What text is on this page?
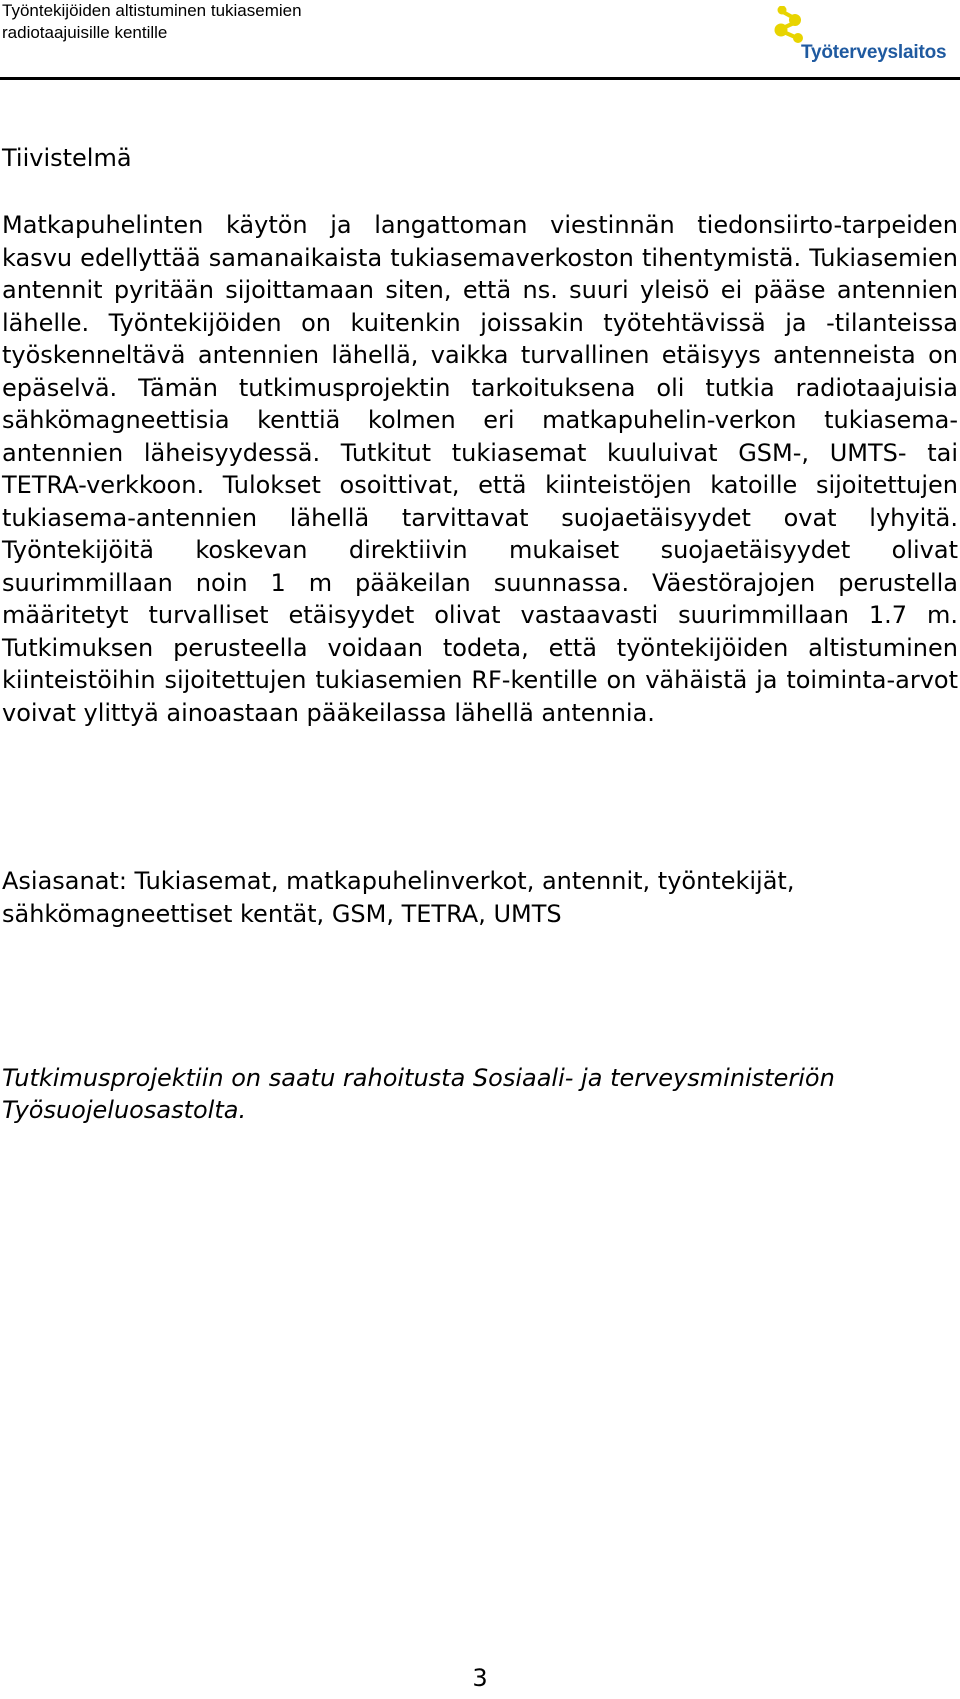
Työntekijöiden altistuminen tukiasemien
radiotaajuisille kentille
Työterveyslaitos
Tiivistelmä

Matkapuhelinten käytön ja langattoman viestinnän tiedonsiirto-tarpeiden kasvu edellyttää samanaikaista tukiasemaverkoston tihentymistä. Tukiasemien antennit pyritään sijoittamaan siten, että ns. suuri yleisö ei pääse antennien lähelle. Työntekijöiden on kuitenkin joissakin työtehtävissä ja -tilanteissa työskenneltävä antennien lähellä, vaikka turvallinen etäisyys antenneista on epäselvä. Tämän tutkimusprojektin tarkoituksena oli tutkia radiotaajuisia sähkömagneettisia kenttiä kolmen eri matkapuhelin-verkon tukiasema-antennien läheisyydessä. Tutkitut tukiasemat kuuluivat GSM-, UMTS- tai TETRA-verkkoon. Tulokset osoittivat, että kiinteistöjen katoille sijoitettujen tukiasema-antennien lähellä tarvittavat suojaetäisyydet ovat lyhyitä. Työntekijöitä koskevan direktiivin mukaiset suojaetäisyydet olivat suurimmillaan noin 1 m pääkeilan suunnassa. Väestörajojen perustella määritetyt turvalliset etäisyydet olivat vastaavasti suurimmillaan 1.7 m. Tutkimuksen perusteella voidaan todeta, että työntekijöiden altistuminen kiinteistöihin sijoitettujen tukiasemien RF-kentille on vähäistä ja toiminta-arvot voivat ylittyä ainoastaan pääkeilassa lähellä antennia.

Asiasanat: Tukiasemat, matkapuhelinverkot, antennit, työntekijät, sähkömagneettiset kentät, GSM, TETRA, UMTS

Tutkimusprojektiin on saatu rahoitusta Sosiaali- ja terveysministeriön Työsuojeluosastolta.

3
